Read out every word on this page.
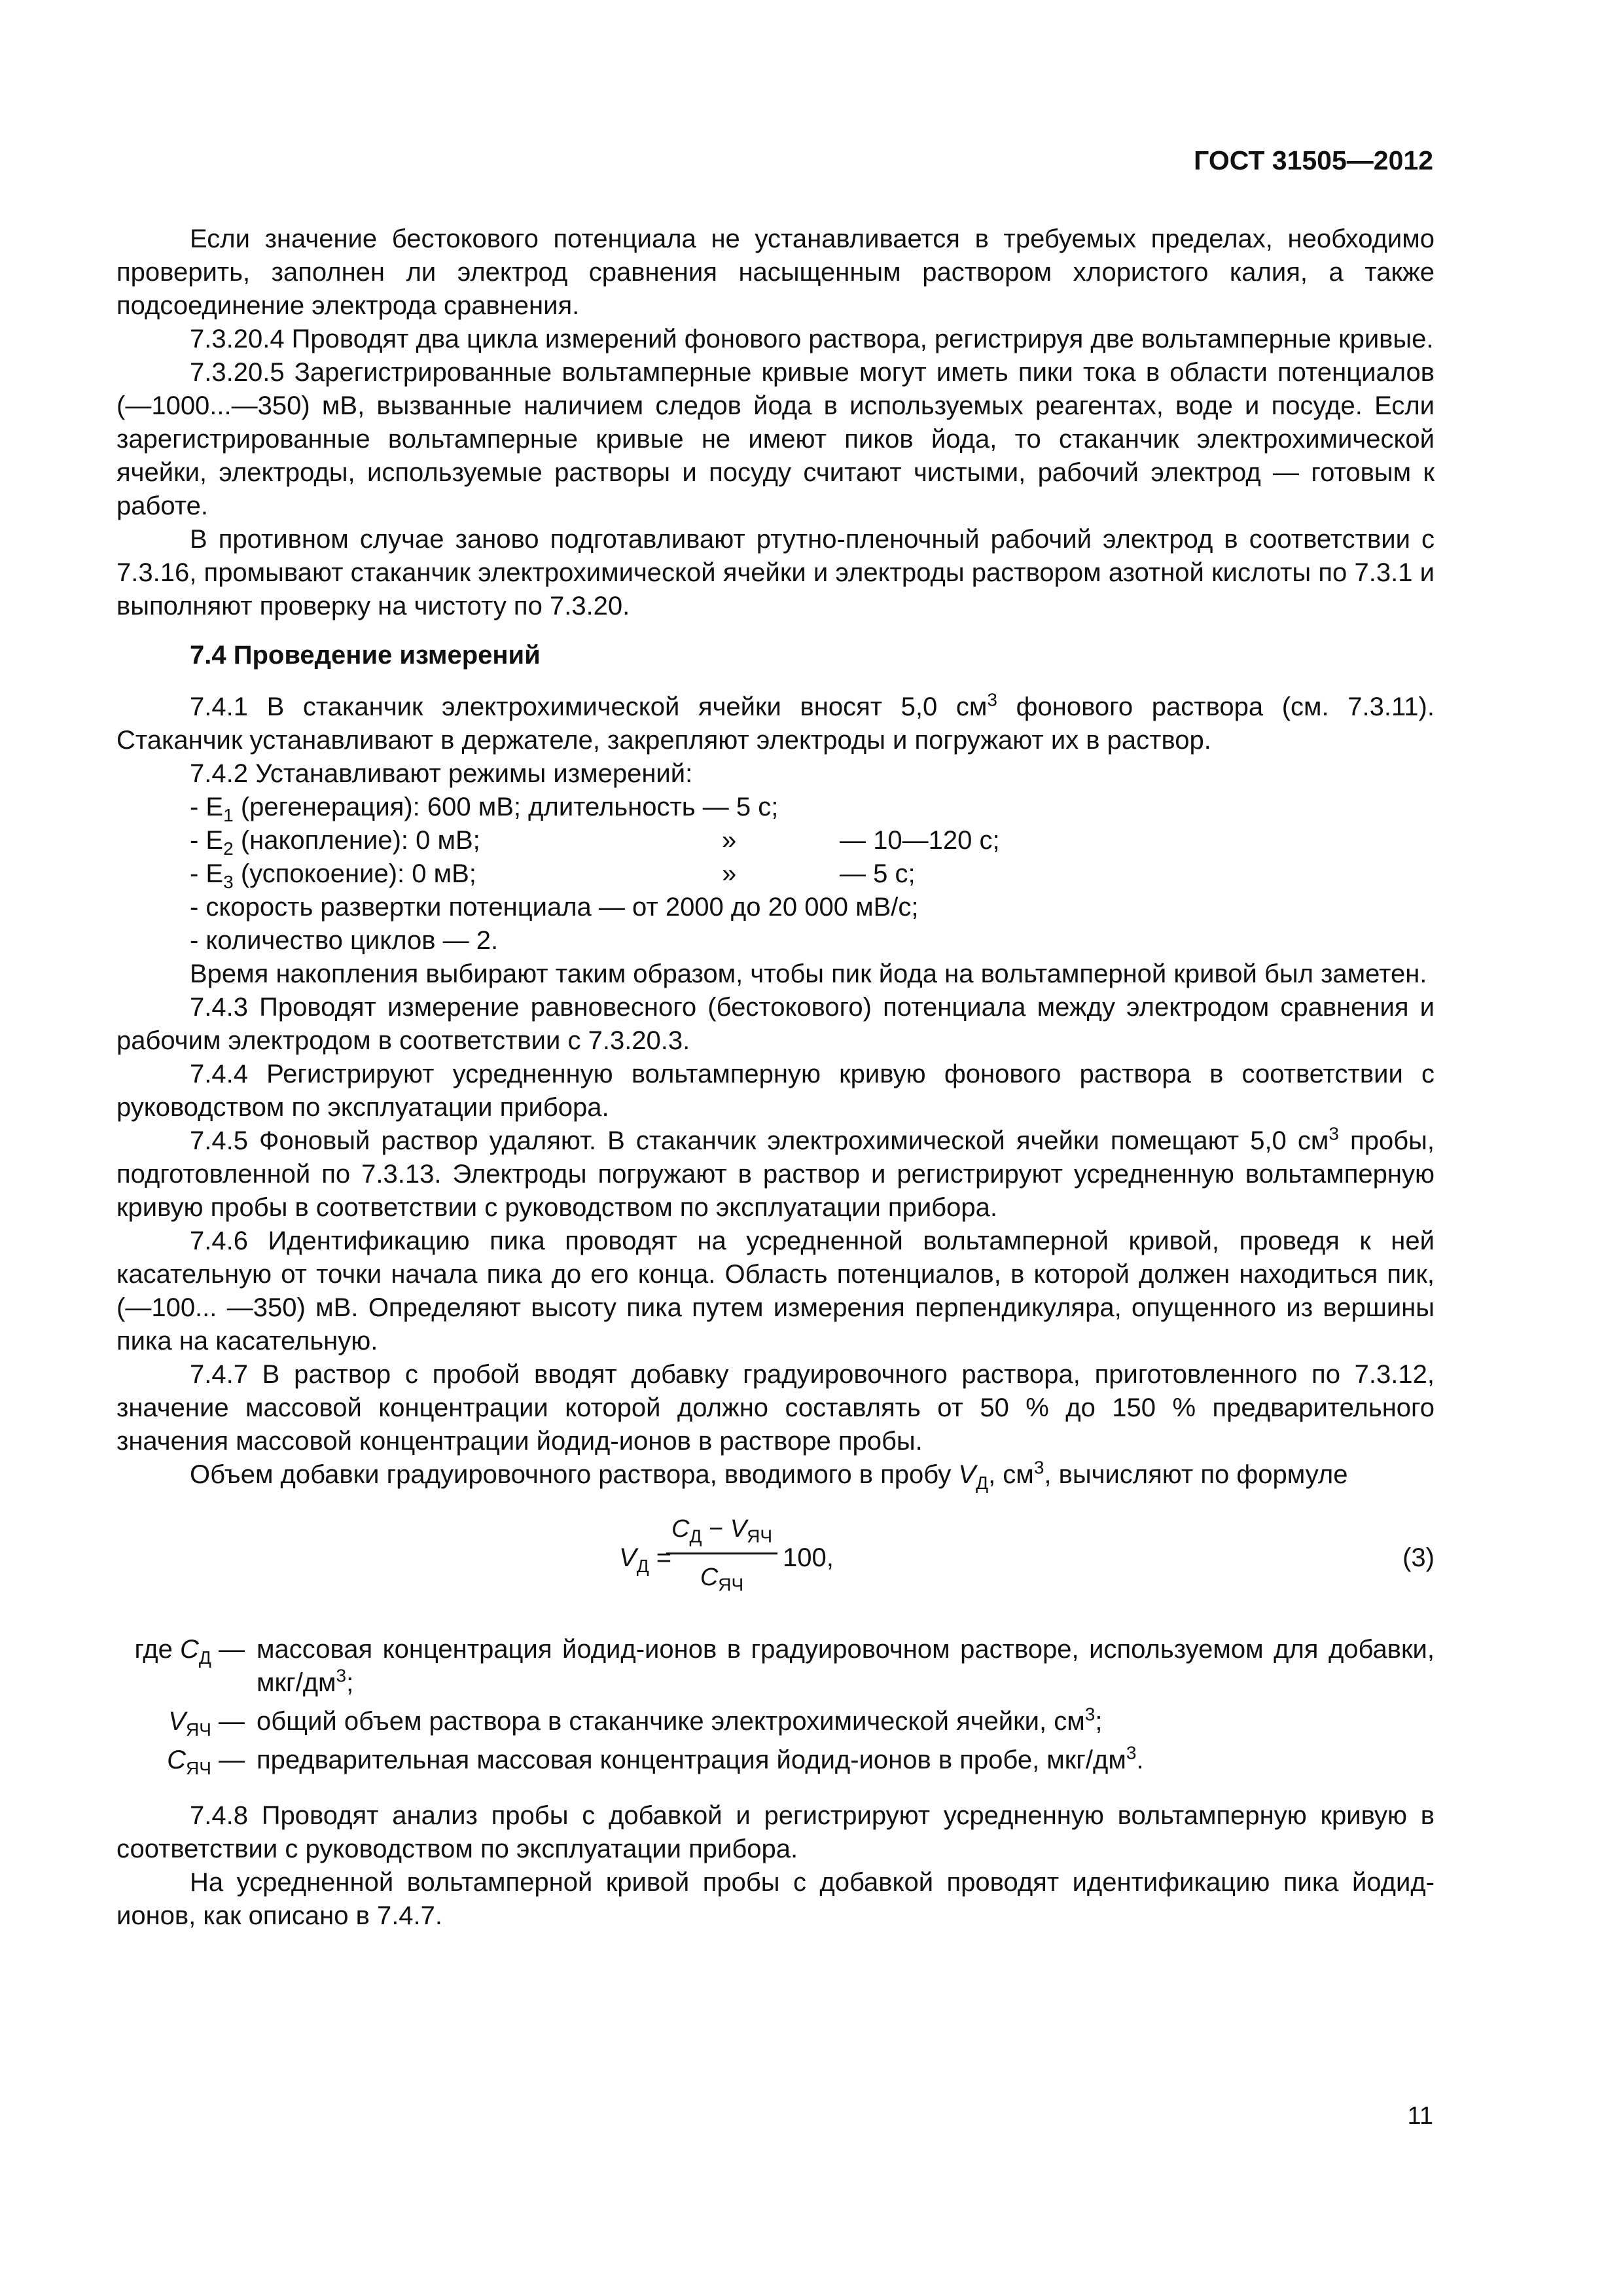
ГОСТ 31505—2012

Если значение бестокового потенциала не устанавливается в требуемых пределах, необходимо проверить, заполнен ли электрод сравнения насыщенным раствором хлористого калия, а также подсоединение электрода сравнения.

7.3.20.4 Проводят два цикла измерений фонового раствора, регистрируя две вольтамперные кривые.

7.3.20.5 Зарегистрированные вольтамперные кривые могут иметь пики тока в области потенциалов (—1000...—350) мВ, вызванные наличием следов йода в используемых реагентах, воде и посуде. Если зарегистрированные вольтамперные кривые не имеют пиков йода, то стаканчик электрохимической ячейки, электроды, используемые растворы и посуду считают чистыми, рабочий электрод — готовым к работе.

В противном случае заново подготавливают ртутно-пленочный рабочий электрод в соответствии с 7.3.16, промывают стаканчик электрохимической ячейки и электроды раствором азотной кислоты по 7.3.1 и выполняют проверку на чистоту по 7.3.20.

7.4 Проведение измерений

7.4.1 В стаканчик электрохимической ячейки вносят 5,0 $см^3$ фонового раствора (см. 7.3.11). Стаканчик устанавливают в держателе, закрепляют электроды и погружают их в раствор.

7.4.2 Устанавливают режимы измерений:

- $E_1$ (регенерация): 600 мВ; длительность — 5 с;

- $E_2$ (накопление): 0 мВ;	»	— 10—120 с;

- $E_3$ (успокоение): 0 мВ;	»	— 5 с;

- скорость развертки потенциала — от 2000 до 20 000 мВ/с;

- количество циклов — 2.

Время накопления выбирают таким образом, чтобы пик йода на вольтамперной кривой был заметен.

7.4.3 Проводят измерение равновесного (бестокового) потенциала между электродом сравнения и рабочим электродом в соответствии с 7.3.20.3.

7.4.4 Регистрируют усредненную вольтамперную кривую фонового раствора в соответствии с руководством по эксплуатации прибора.

7.4.5 Фоновый раствор удаляют. В стаканчик электрохимической ячейки помещают 5,0 $см^3$ пробы, подготовленной по 7.3.13. Электроды погружают в раствор и регистрируют усредненную вольтамперную кривую пробы в соответствии с руководством по эксплуатации прибора.

7.4.6 Идентификацию пика проводят на усредненной вольтамперной кривой, проведя к ней касательную от точки начала пика до его конца. Область потенциалов, в которой должен находиться пик, (—100... —350) мВ. Определяют высоту пика путем измерения перпендикуляра, опущенного из вершины пика на касательную.

7.4.7 В раствор с пробой вводят добавку градуировочного раствора, приготовленного по 7.3.12, значение массовой концентрации которой должно составлять от 50 % до 150 % предварительного значения массовой концентрации йодид-ионов в растворе пробы.

Объем добавки градуировочного раствора, вводимого в пробу $V_Д$, $см^3$, вычисляют по формуле

$V_Д$ =
$C_Д - V_{ЯЧ}$
$C_{ЯЧ}$
100,	(3)

где $C_Д$ — массовая концентрация йодид-ионов в градуировочном растворе, используемом для добавки, мкг/$дм^3$;

$V_{ЯЧ}$ — общий объем раствора в стаканчике электрохимической ячейки, $см^3$;

$C_{ЯЧ}$ — предварительная массовая концентрация йодид-ионов в пробе, мкг/$дм^3$.

7.4.8 Проводят анализ пробы с добавкой и регистрируют усредненную вольтамперную кривую в соответствии с руководством по эксплуатации прибора.

На усредненной вольтамперной кривой пробы с добавкой проводят идентификацию пика йодид-ионов, как описано в 7.4.7.

11
